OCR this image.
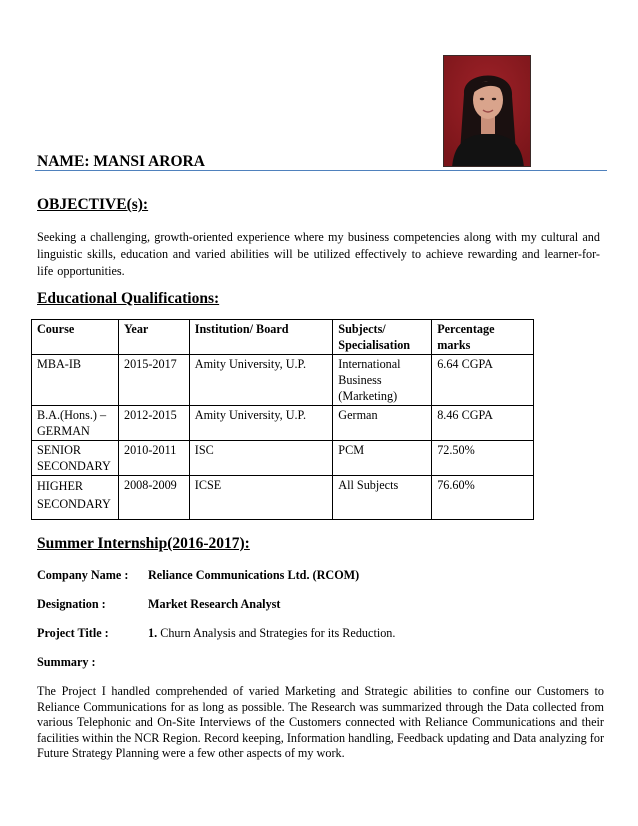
NAME: MANSI ARORA
OBJECTIVE(s):
Seeking a challenging, growth-oriented experience where my business competencies along with my cultural and linguistic skills, education and varied abilities will be utilized effectively to achieve rewarding and learner-for-life opportunities.
Educational Qualifications:
Course	Year	Institution/ Board	Subjects/ Specialisation	Percentage marks
MBA-IB	2015-2017	Amity University, U.P.	International Business (Marketing)	6.64 CGPA
B.A.(Hons.) – GERMAN	2012-2015	Amity University, U.P.	German	8.46 CGPA
SENIOR SECONDARY	2010-2011	ISC	PCM	72.50%
HIGHER SECONDARY	2008-2009	ICSE	All Subjects	76.60%
Summer Internship(2016-2017):
Company Name : Reliance Communications Ltd. (RCOM)
Designation :	Market Research Analyst
Project Title :	1. Churn Analysis and Strategies for its Reduction.
Summary :
The Project I handled comprehended of varied Marketing and Strategic abilities to confine our Customers to Reliance Communications for as long as possible. The Research was summarized through the Data collected from various Telephonic and On-Site Interviews of the Customers connected with Reliance Communications and their facilities within the NCR Region. Record keeping, Information handling, Feedback updating and Data analyzing for Future Strategy Planning were a few other aspects of my work.
